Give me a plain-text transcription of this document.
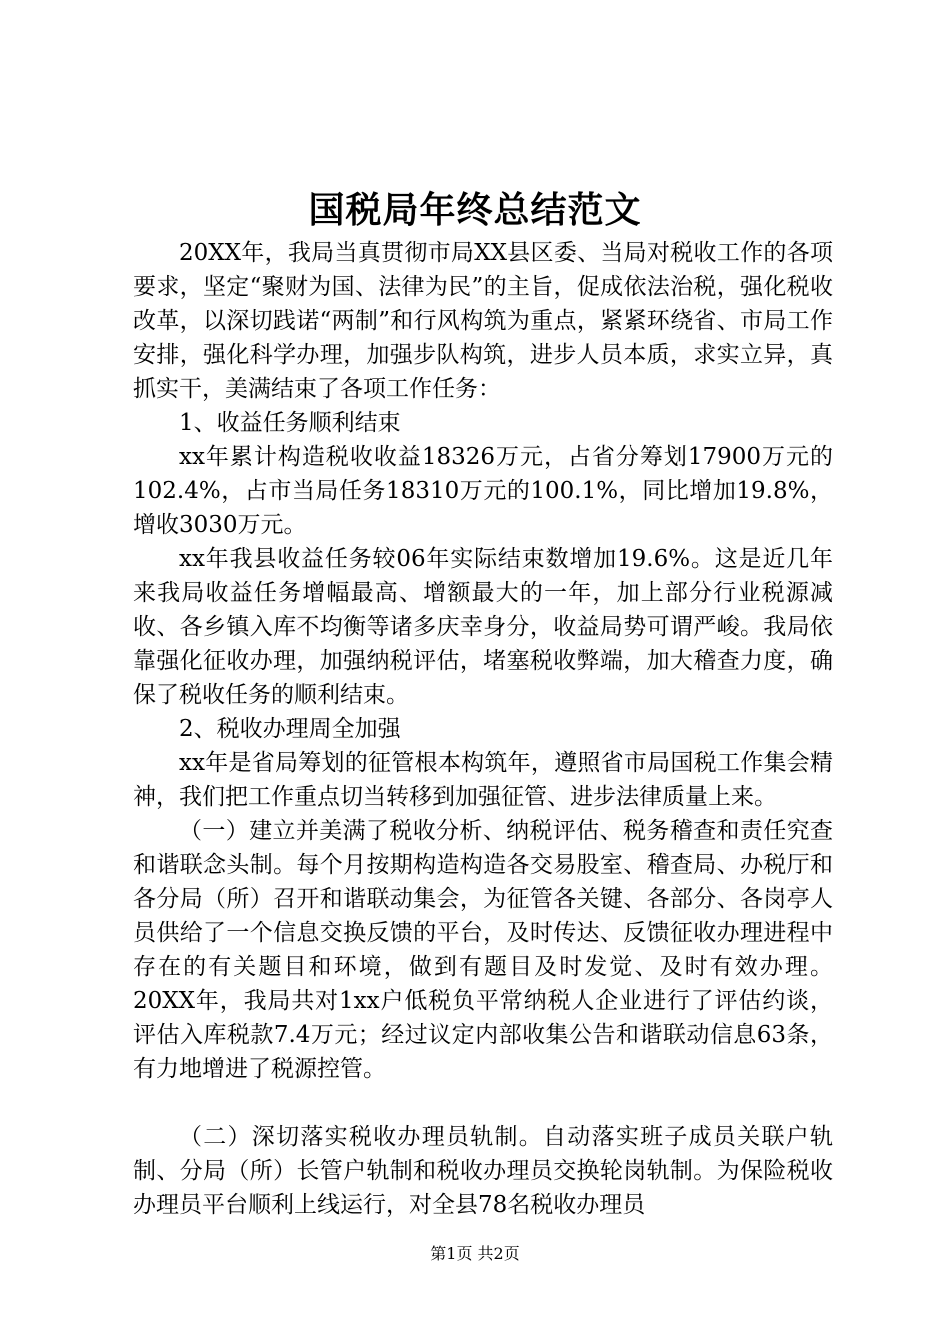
国税局年终总结范文

20XX年，我局当真贯彻市局XX县区委、当局对税收工作的各项要求，坚定“聚财为国、法律为民”的主旨，促成依法治税，强化税收改革，以深切践诺“两制”和行风构筑为重点，紧紧环绕省、市局工作安排，强化科学办理，加强步队构筑，进步人员本质，求实立异，真抓实干，美满结束了各项工作任务：

1、收益任务顺利结束

xx年累计构造税收收益18326万元，占省分筹划17900万元的102.4%，占市当局任务18310万元的100.1%，同比增加19.8%，增收3030万元。

xx年我县收益任务较06年实际结束数增加19.6%。这是近几年来我局收益任务增幅最高、增额最大的一年，加上部分行业税源减收、各乡镇入库不均衡等诸多庆幸身分，收益局势可谓严峻。我局依靠强化征收办理，加强纳税评估，堵塞税收弊端，加大稽查力度，确保了税收任务的顺利结束。

2、税收办理周全加强

xx年是省局筹划的征管根本构筑年，遵照省市局国税工作集会精神，我们把工作重点切当转移到加强征管、进步法律质量上来。

（一）建立并美满了税收分析、纳税评估、税务稽查和责任究查和谐联念头制。每个月按期构造构造各交易股室、稽查局、办税厅和各分局（所）召开和谐联动集会，为征管各关键、各部分、各岗亭人员供给了一个信息交换反馈的平台，及时传达、反馈征收办理进程中存在的有关题目和环境，做到有题目及时发觉、及时有效办理。20XX年，我局共对1xx户低税负平常纳税人企业进行了评估约谈，评估入库税款7.4万元；经过议定内部收集公告和谐联动信息63条，有力地增进了税源控管。

（二）深切落实税收办理员轨制。自动落实班子成员关联户轨制、分局（所）长管户轨制和税收办理员交换轮岗轨制。为保险税收办理员平台顺利上线运行，对全县78名税收办理员

第1页 共2页
